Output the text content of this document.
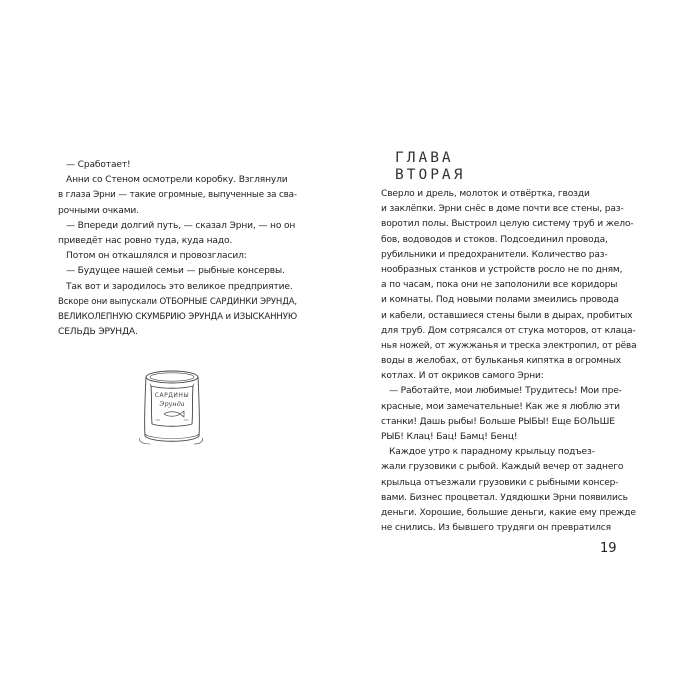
— Сработает!
Анни со Стеном осмотрели коробку. Взглянули
в глаза Эрни — такие огромные, выпученные за сва-
рочными очками.
— Впереди долгий путь, — сказал Эрни, — но он
приведёт нас ровно туда, куда надо.
Потом он откашлялся и провозгласил:
— Будущее нашей семьи — рыбные консервы.
Так вот и зародилось это великое предприятие.
Вскоре они выпускали ОТБОРНЫЕ САРДИНКИ ЭРУНДА,
ВЕЛИКОЛЕПНУЮ СКУМБРИЮ ЭРУНДА и ИЗЫСКАННУЮ
СЕЛЬДЬ ЭРУНДА.
САРДИНЫ
Эрунда
ГЛАВА
ВТОРАЯ
Сверло и дрель, молоток и отвёртка, гвозди
и заклёпки. Эрни снёс в доме почти все стены, раз-
воротил полы. Выстроил целую систему труб и жело-
бов, водоводов и стоков. Подсоединил провода,
рубильники и предохранители. Количество раз-
нообразных станков и устройств росло не по дням,
а по часам, пока они не заполонили все коридоры
и комнаты. Под новыми полами змеились провода
и кабели, оставшиеся стены были в дырах, пробитых
для труб. Дом сотрясался от стука моторов, от клаца-
нья ножей, от жужжанья и треска электропил, от рёва
воды в желобах, от бульканья кипятка в огромных
котлах. И от окриков самого Эрни:
— Работайте, мои любимые! Трудитесь! Мои пре-
красные, мои замечательные! Как же я люблю эти
станки! Дашь рыбы! Больше РЫБЫ! Еще БОЛЬШЕ
РЫБ! Клац! Бац! Бамц! Бенц!
Каждое утро к парадному крыльцу подъез-
жали грузовики с рыбой. Каждый вечер от заднего
крыльца отъезжали грузовики с рыбными консер-
вами. Бизнес процветал. Удядюшки Эрни появились
деньги. Хорошие, большие деньги, какие ему прежде
не снились. Из бывшего трудяги он превратился
19
